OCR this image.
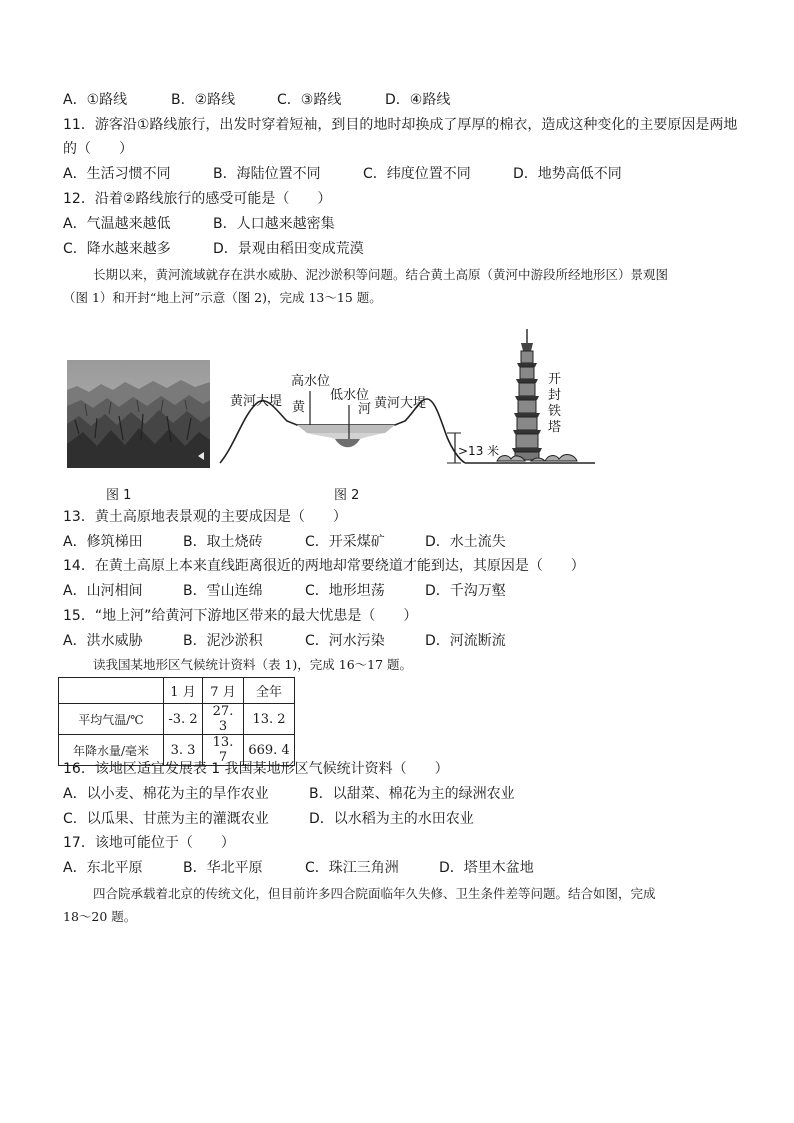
A．①路线	B．②路线	C．③路线	D．④路线
11．游客沿①路线旅行，出发时穿着短袖，到目的地时却换成了厚厚的棉衣，造成这种变化的主要原因是两地
的（　　）
A．生活习惯不同	B．海陆位置不同	C．纬度位置不同	D．地势高低不同
12．沿着②路线旅行的感受可能是（　　）
A．气温越来越低	B．人口越来越密集
C．降水越来越多	D．景观由稻田变成荒漠
长期以来，黄河流域就存在洪水威胁、泥沙淤积等问题。结合黄土高原（黄河中游段所经地形区）景观图
（图 1）和开封“地上河”示意（图 2)，完成 13～15 题。
黄河大堤
高水位
黄
低水位
河 黄河大堤
>13 米
开
封
铁
塔
图 1	图 2
13．黄土高原地表景观的主要成因是（　　）
A．修筑梯田	B．取土烧砖	C．开采煤矿	D．水土流失
14．在黄土高原上本来直线距离很近的两地却常要绕道才能到达，其原因是（　　）
A．山河相间	B．雪山连绵	C．地形坦荡	D．千沟万壑
15．“地上河”给黄河下游地区带来的最大忧患是（　　）
A．洪水威胁	B．泥沙淤积	C．河水污染	D．河流断流
读我国某地形区气候统计资料（表 1)，完成 16～17 题。
	1 月	7 月	全年
平均气温/℃	-3. 2	27. 3	13. 2
年降水量/毫米	3. 3	13. 7	669. 4
16．该地区适宜发展表 1 我国某地形区气候统计资料（　　）
A．以小麦、棉花为主的旱作农业	B．以甜菜、棉花为主的绿洲农业
C．以瓜果、甘蔗为主的灌溉农业	D．以水稻为主的水田农业
17．该地可能位于（　　）
A．东北平原	B．华北平原	C．珠江三角洲	D．塔里木盆地
四合院承载着北京的传统文化，但目前许多四合院面临年久失修、卫生条件差等问题。结合如图，完成
18～20 题。
